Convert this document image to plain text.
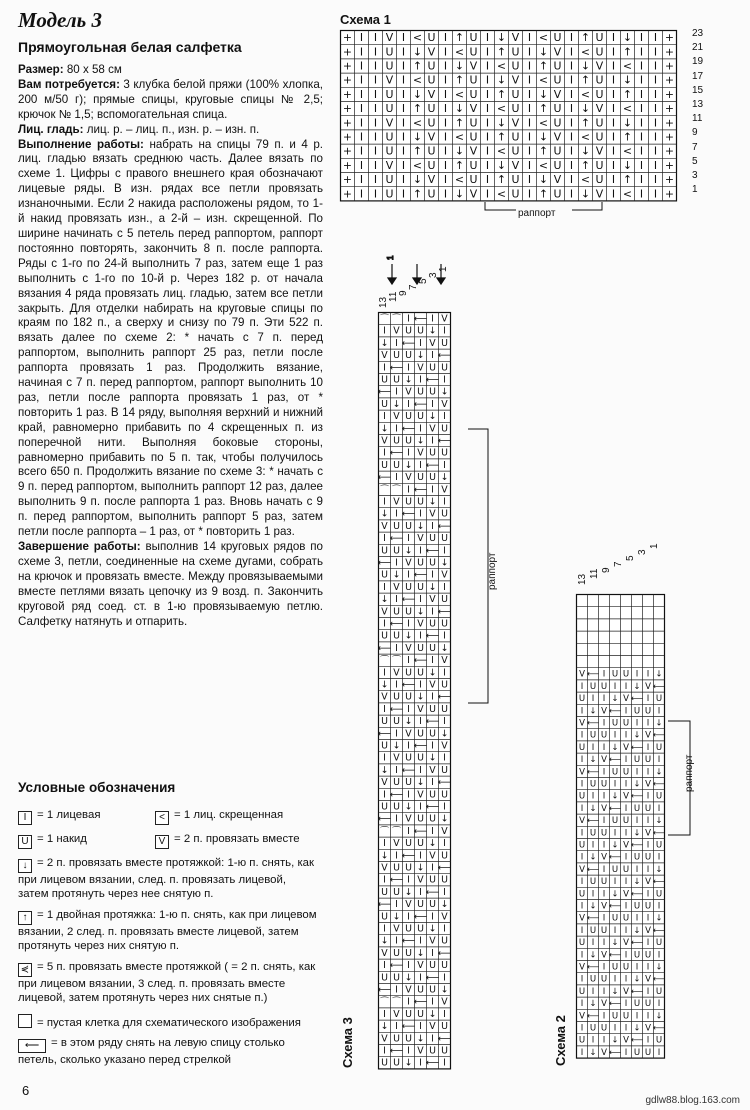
Модель 3
Прямоугольная белая салфетка

Размер: 80 х 58 см
Вам потребуется: 3 клубка белой пряжи (100% хлопка, 200 м/50 г); прямые спицы, круговые спицы № 2,5; крючок № 1,5; вспомогательная спица.
Лиц. гладь: лиц. р. – лиц. п., изн. р. – изн. п.
Выполнение работы: набрать на спицы 79 п. и 4 р. лиц. гладью вязать среднюю часть. Далее вязать по схеме 1. Цифры с правого внешнего края обозначают лицевые ряды. В изн. рядах все петли провязать изнаночными. Если 2 накида расположены рядом, то 1-й накид провязать изн., а 2-й – изн. скрещенной. По ширине начинать с 5 петель перед раппортом, раппорт постоянно повторять, закончить 8 п. после раппорта. Ряды с 1-го по 24-й выполнить 7 раз, затем еще 1 раз выполнить с 1-го по 10-й р. Через 182 р. от начала вязания 4 ряда провязать лиц. гладью, затем все петли закрыть. Для отделки набирать на круговые спицы по краям по 182 п., а сверху и снизу по 79 п. Эти 522 п. вязать далее по схеме 2: * начать с 7 п. перед раппортом, выполнить раппорт 25 раз, петли после раппорта провязать 1 раз. Продолжить вязание, начиная с 7 п. перед раппортом, раппорт выполнить 10 раз, петли после раппорта провязать 1 раз, от * повторить 1 раз. В 14 ряду, выполняя верхний и нижний край, равномерно прибавить по 4 скрещенных п. из поперечной нити. Выполняя боковые стороны, равномерно прибавить по 5 п. так, чтобы получилось всего 650 п. Продолжить вязание по схеме 3: * начать с 9 п. перед раппортом, выполнить раппорт 12 раз, далее выполнить 9 п. после раппорта 1 раз. Вновь начать с 9 п. перед раппортом, выполнить раппорт 5 раз, затем петли после раппорта – 1 раз, от * повторить 1 раз.
Завершение работы: выполнив 14 круговых рядов по схеме 3, петли, соединенные на схеме дугами, собрать на крючок и провязать вместе. Между провязываемыми вместе петлями вязать цепочку из 9 возд. п. Закончить круговой ряд соед. ст. в 1-ю провязываемую петлю. Салфетку натянуть и отпарить.

Условные обозначения
I = 1 лицевая	< = 1 лиц. скрещенная
U = 1 накид	V = 2 п. провязать вместе
↓ = 2 п. провязать вместе протяжкой: 1-ю п. снять, как при лицевом вязании, след. п. провязать лицевой, затем протянуть через нее снятую п.
↑ = 1 двойная протяжка: 1-ю п. снять, как при лицевом вязании, 2 след. п. провязать вместе лицевой, затем протянуть через них снятую п.
⋞ = 5 п. провязать вместе протяжкой ( = 2 п. снять, как при лицевом вязании, 3 след. п. провязать вместе лицевой, затем протянуть через них снятые п.)
= пустая клетка для схематического изображения
⟵ = в этом ряду снять на левую спицу столько петель, сколько указано перед стрелкой
6
gdlw88.blog.163.com
Схема 1
+ I I V I < U I ↑ U I ↓ V I < U I ↑ U I ↓ I I +
+ I I U I ↓ V I < U I ↑ U I ↓ V I < U I ↑ I I +
+ I I U I ↑ U I ↓ V I < U I ↑ U I ↓ V I < I I +
+ I I V I < U I ↑ U I ↓ V I < U I ↑ U I ↓ I I +
+ I I U I ↓ V I < U I ↑ U I ↓ V I < U I ↑ I I +
+ I I U I ↑ U I ↓ V I < U I ↑ U I ↓ V I < I I +
+ I I V I < U I ↑ U I ↓ V I < U I ↑ U I ↓ I I +
+ I I U I ↓ V I < U I ↑ U I ↓ V I < U I ↑ I I +
+ I I U I ↑ U I ↓ V I < U I ↑ U I ↓ V I < I I +
+ I I V I < U I ↑ U I ↓ V I < U I ↑ U I ↓ I I +
+ I I U I ↓ V I < U I ↑ U I ↓ V I < U I ↑ I I +
+ I I U I ↑ U I ↓ V I < U I ↑ U I ↓ V I < I I +
23
21
19
17
15
13
11
9
7
5
3
1
раппорт
1
⌒ ⌒ I ⟵ I V
I V U U ↓ I
↓ I ⟵ I V U
V U U ↓ I ⟵
I ⟵ I V U U
U U ↓ I ⟵ I
⟵ I V U U ↓
U ↓ I ⟵ I V
I V U U ↓ I
↓ I ⟵ I V U
V U U ↓ I ⟵
I ⟵ I V U U
U U ↓ I ⟵ I
⟵ I V U U ↓
⌒ ⌒ I ⟵ I V
I V U U ↓ I
↓ I ⟵ I V U
V U U ↓ I ⟵
I ⟵ I V U U
U U ↓ I ⟵ I
⟵ I V U U ↓
U ↓ I ⟵ I V
I V U U ↓ I
↓ I ⟵ I V U
V U U ↓ I ⟵
I ⟵ I V U U
U U ↓ I ⟵ I
⟵ I V U U ↓
⌒ ⌒ I ⟵ I V
I V U U ↓ I
↓ I ⟵ I V U
V U U ↓ I ⟵
I ⟵ I V U U
U U ↓ I ⟵ I
⟵ I V U U ↓
U ↓ I ⟵ I V
I V U U ↓ I
↓ I ⟵ I V U
V U U ↓ I ⟵
I ⟵ I V U U
U U ↓ I ⟵ I
⟵ I V U U ↓
⌒ ⌒ I ⟵ I V
I V U U ↓ I
↓ I ⟵ I V U
V U U ↓ I ⟵
I ⟵ I V U U
U U ↓ I ⟵ I
⟵ I V U U ↓
U ↓ I ⟵ I V
I V U U ↓ I
↓ I ⟵ I V U
V U U ↓ I ⟵
I ⟵ I V U U
U U ↓ I ⟵ I
⟵ I V U U ↓
⌒ ⌒ I ⟵ I V
I V U U ↓ I
↓ I ⟵ I V U
V U U ↓ I ⟵
I ⟵ I V U U
U U ↓ I ⟵ I
13
11 9
7
5
3
1
раппорт
Схема 3
V ⟵ I U U I I ↓
I U U I I ↓ V ⟵
U I I ↓ V ⟵ I U
I ↓ V ⟵ I U U I
V ⟵ I U U I I ↓
I U U I I ↓ V ⟵
U I I ↓ V ⟵ I U
I ↓ V ⟵ I U U I
V ⟵ I U U I I ↓
I U U I I ↓ V ⟵
U I I ↓ V ⟵ I U
I ↓ V ⟵ I U U I
V ⟵ I U U I I ↓
I U U I I ↓ V ⟵
U I I ↓ V ⟵ I U
I ↓ V ⟵ I U U I
V ⟵ I U U I I ↓
I U U I I ↓ V ⟵
U I I ↓ V ⟵ I U
I ↓ V ⟵ I U U I
V ⟵ I U U I I ↓
I U U I I ↓ V ⟵
U I I ↓ V ⟵ I U
I ↓ V ⟵ I U U I
V ⟵ I U U I I ↓
I U U I I ↓ V ⟵
U I I ↓ V ⟵ I U
I ↓ V ⟵ I U U I
V ⟵ I U U I I ↓
I U U I I ↓ V ⟵
U I I ↓ V ⟵ I U
I ↓ V ⟵ I U U I
13
11 9
7
5
3
1
раппорт
Схема 2
